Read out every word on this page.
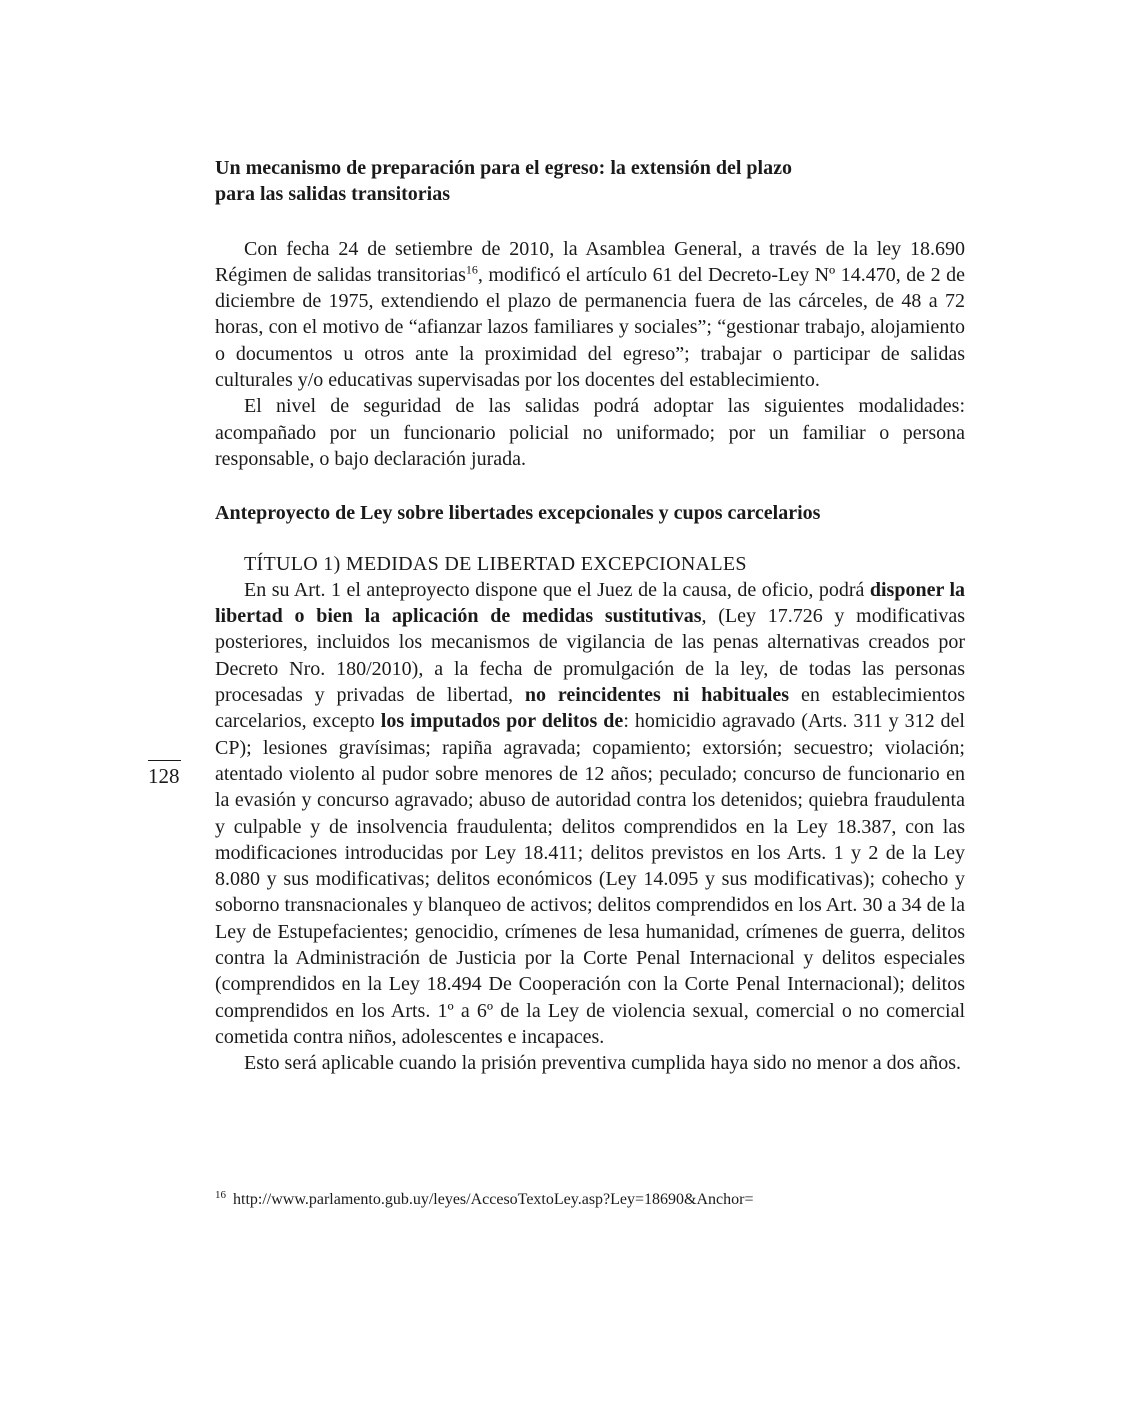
Un mecanismo de preparación para el egreso: la extensión del plazo para las salidas transitorias

Con fecha 24 de setiembre de 2010, la Asamblea General, a través de la ley 18.690 Régimen de salidas transitorias$^{16}$, modificó el artículo 61 del Decreto-Ley Nº 14.470, de 2 de diciembre de 1975, extendiendo el plazo de permanencia fuera de las cárceles, de 48 a 72 horas, con el motivo de “afianzar lazos familiares y sociales”; “gestionar trabajo, alojamiento o documentos u otros ante la proximidad del egreso”; trabajar o participar de salidas culturales y/o educativas supervisadas por los docentes del establecimiento.

El nivel de seguridad de las salidas podrá adoptar las siguientes modalidades: acompañado por un funcionario policial no uniformado; por un familiar o persona responsable, o bajo declaración jurada.

Anteproyecto de Ley sobre libertades excepcionales y cupos carcelarios

TÍTULO 1) MEDIDAS DE LIBERTAD EXCEPCIONALES

En su Art. 1 el anteproyecto dispone que el Juez de la causa, de oficio, podrá disponer la libertad o bien la aplicación de medidas sustitutivas, (Ley 17.726 y modificativas posteriores, incluidos los mecanismos de vigilancia de las penas alternativas creados por Decreto Nro. 180/2010), a la fecha de promulgación de la ley, de todas las personas procesadas y privadas de libertad, no reincidentes ni habituales en establecimientos carcelarios, excepto los imputados por delitos de: homicidio agravado (Arts. 311 y 312 del CP); lesiones gravísimas; rapiña agravada; copamiento; extorsión; secuestro; violación; atentado violento al pudor sobre menores de 12 años; peculado; concurso de funcionario en la evasión y concurso agravado; abuso de autoridad contra los detenidos; quiebra fraudulenta y culpable y de insolvencia fraudulenta; delitos comprendidos en la Ley 18.387, con las modificaciones introducidas por Ley 18.411; delitos previstos en los Arts. 1 y 2 de la Ley 8.080 y sus modificativas; delitos económicos (Ley 14.095 y sus modificativas); cohecho y soborno transnacionales y blanqueo de activos; delitos comprendidos en los Art. 30 a 34 de la Ley de Estupefacientes; genocidio, crímenes de lesa humanidad, crímenes de guerra, delitos contra la Administración de Justicia por la Corte Penal Internacional y delitos especiales (comprendidos en la Ley 18.494 De Cooperación con la Corte Penal Internacional); delitos comprendidos en los Arts. 1º a 6º de la Ley de violencia sexual, comercial o no comercial cometida contra niños, adolescentes e incapaces.

Esto será aplicable cuando la prisión preventiva cumplida haya sido no menor a dos años.

128
$^{16}$ http://www.parlamento.gub.uy/leyes/AccesoTextoLey.asp?Ley=18690&Anchor=
